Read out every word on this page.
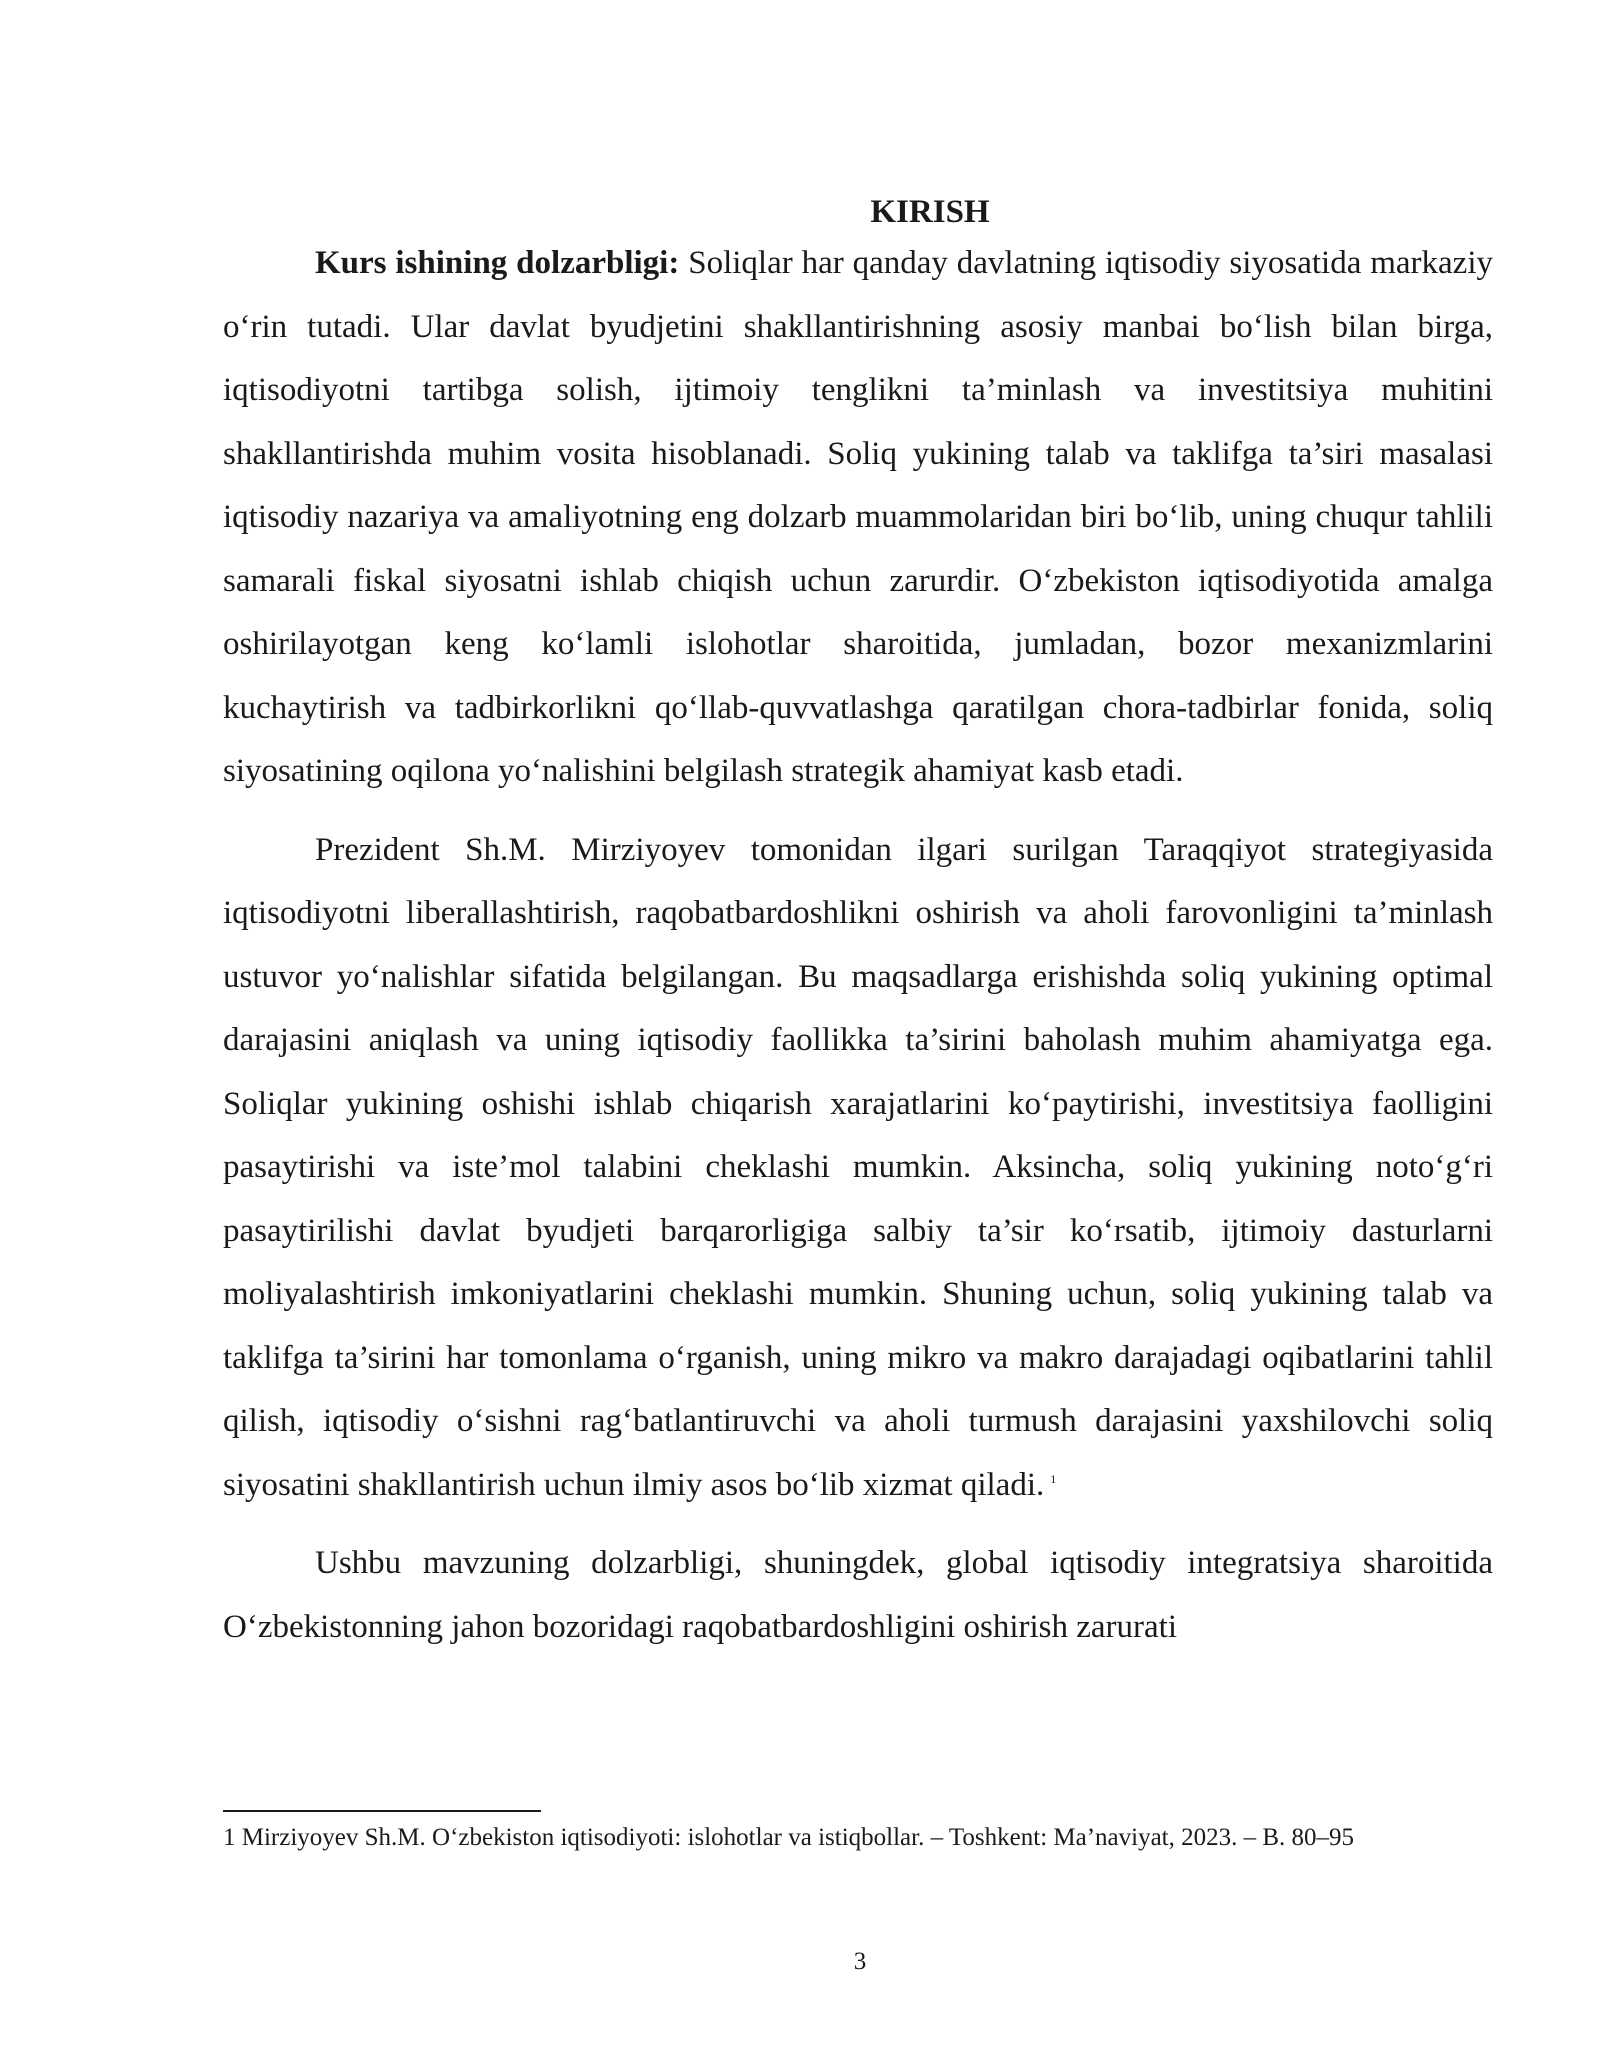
KIRISH

Kurs ishining dolzarbligi: Soliqlar har qanday davlatning iqtisodiy siyosatida markaziy o‘rin tutadi. Ular davlat byudjetini shakllantirishning asosiy manbai bo‘lish bilan birga, iqtisodiyotni tartibga solish, ijtimoiy tenglikni ta’minlash va investitsiya muhitini shakllantirishda muhim vosita hisoblanadi. Soliq yukining talab va taklifga ta’siri masalasi iqtisodiy nazariya va amaliyotning eng dolzarb muammolaridan biri bo‘lib, uning chuqur tahlili samarali fiskal siyosatni ishlab chiqish uchun zarurdir. O‘zbekiston iqtisodiyotida amalga oshirilayotgan keng ko‘lamli islohotlar sharoitida, jumladan, bozor mexanizmlarini kuchaytirish va tadbirkorlikni qo‘llab-quvvatlashga qaratilgan chora-tadbirlar fonida, soliq siyosatining oqilona yo‘nalishini belgilash strategik ahamiyat kasb etadi.

Prezident Sh.M. Mirziyoyev tomonidan ilgari surilgan Taraqqiyot strategiyasida iqtisodiyotni liberallashtirish, raqobatbardoshlikni oshirish va aholi farovonligini ta’minlash ustuvor yo‘nalishlar sifatida belgilangan. Bu maqsadlarga erishishda soliq yukining optimal darajasini aniqlash va uning iqtisodiy faollikka ta’sirini baholash muhim ahamiyatga ega. Soliqlar yukining oshishi ishlab chiqarish xarajatlarini ko‘paytirishi, investitsiya faolligini pasaytirishi va iste’mol talabini cheklashi mumkin. Aksincha, soliq yukining noto‘g‘ri pasaytirilishi davlat byudjeti barqarorligiga salbiy ta’sir ko‘rsatib, ijtimoiy dasturlarni moliyalashtirish imkoniyatlarini cheklashi mumkin. Shuning uchun, soliq yukining talab va taklifga ta’sirini har tomonlama o‘rganish, uning mikro va makro darajadagi oqibatlarini tahlil qilish, iqtisodiy o‘sishni rag‘batlantiruvchi va aholi turmush darajasini yaxshilovchi soliq siyosatini shakllantirish uchun ilmiy asos bo‘lib xizmat qiladi. $^1$

Ushbu mavzuning dolzarbligi, shuningdek, global iqtisodiy integratsiya sharoitida O‘zbekistonning jahon bozoridagi raqobatbardoshligini oshirish zarurati

1 Mirziyoyev Sh.M. O‘zbekiston iqtisodiyoti: islohotlar va istiqbollar. – Toshkent: Ma’naviyat, 2023. – B. 80–95

3
